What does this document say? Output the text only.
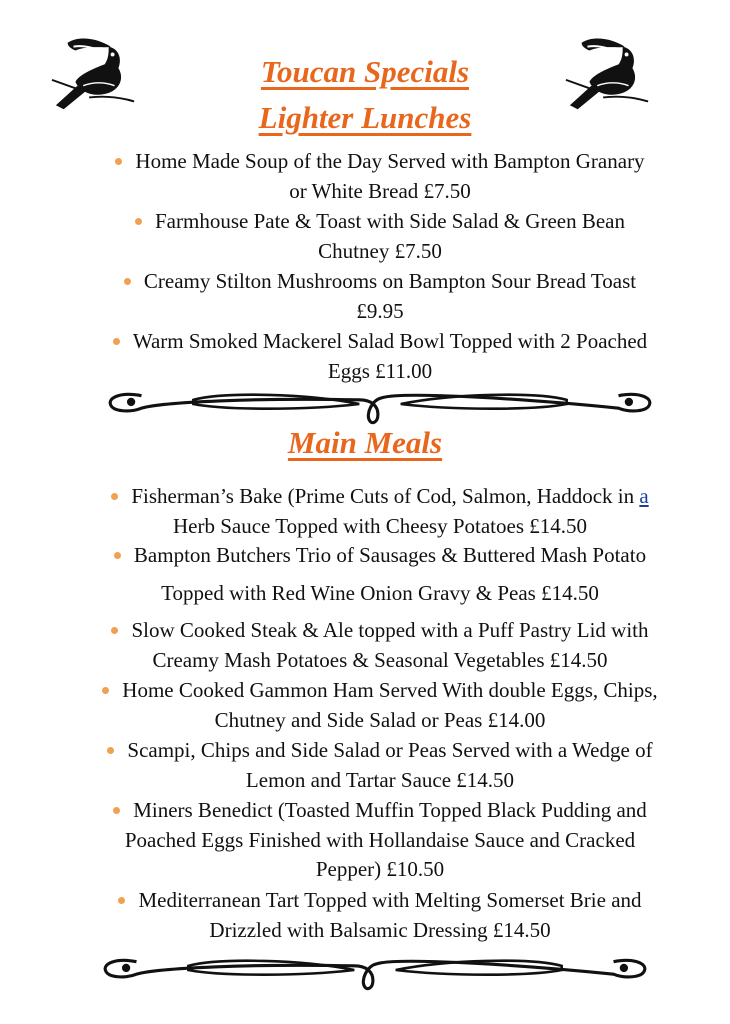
Toucan Specials
Lighter Lunches
Home Made Soup of the Day Served with Bampton Granary
or White Bread £7.50
Farmhouse Pate & Toast with Side Salad & Green Bean
Chutney £7.50
Creamy Stilton Mushrooms on Bampton Sour Bread Toast
£9.95
Warm Smoked Mackerel Salad Bowl Topped with 2 Poached
Eggs £11.00
Main Meals
Fisherman’s Bake (Prime Cuts of Cod, Salmon, Haddock in a
Herb Sauce Topped with Cheesy Potatoes £14.50
Bampton Butchers Trio of Sausages & Buttered Mash Potato
Topped with Red Wine Onion Gravy & Peas £14.50
Slow Cooked Steak & Ale topped with a Puff Pastry Lid with
Creamy Mash Potatoes & Seasonal Vegetables £14.50
Home Cooked Gammon Ham Served With double Eggs, Chips,
Chutney and Side Salad or Peas £14.00
Scampi, Chips and Side Salad or Peas Served with a Wedge of
Lemon and Tartar Sauce £14.50
Miners Benedict (Toasted Muffin Topped Black Pudding and
Poached Eggs Finished with Hollandaise Sauce and Cracked
Pepper) £10.50
Mediterranean Tart Topped with Melting Somerset Brie and
Drizzled with Balsamic Dressing £14.50
